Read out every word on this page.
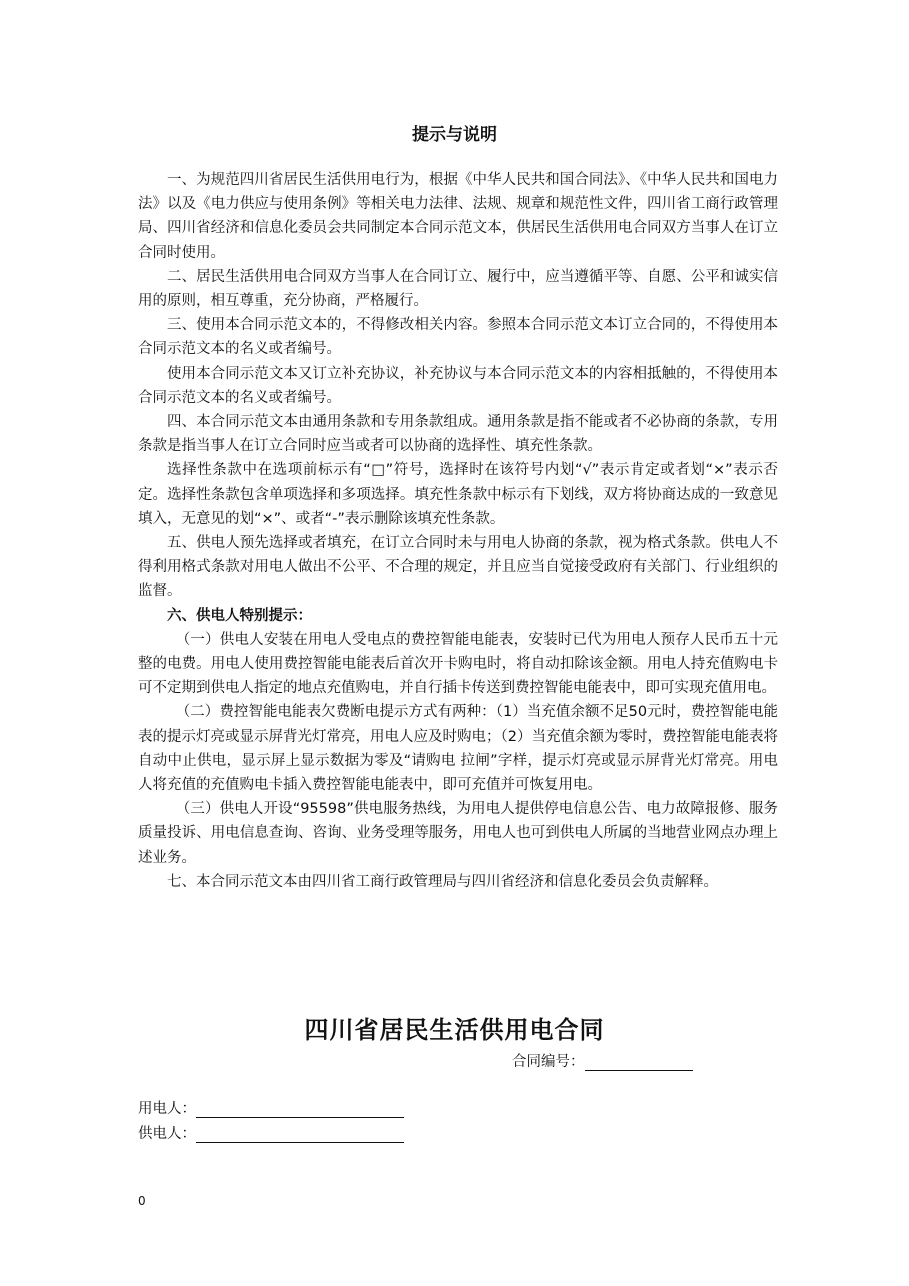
提示与说明

一、为规范四川省居民生活供用电行为，根据《中华人民共和国合同法》、《中华人民共和国电力法》以及《电力供应与使用条例》等相关电力法律、法规、规章和规范性文件，四川省工商行政管理局、四川省经济和信息化委员会共同制定本合同示范文本，供居民生活供用电合同双方当事人在订立合同时使用。

二、居民生活供用电合同双方当事人在合同订立、履行中，应当遵循平等、自愿、公平和诚实信用的原则，相互尊重，充分协商，严格履行。

三、使用本合同示范文本的，不得修改相关内容。参照本合同示范文本订立合同的，不得使用本合同示范文本的名义或者编号。

使用本合同示范文本又订立补充协议，补充协议与本合同示范文本的内容相抵触的，不得使用本合同示范文本的名义或者编号。

四、本合同示范文本由通用条款和专用条款组成。通用条款是指不能或者不必协商的条款，专用条款是指当事人在订立合同时应当或者可以协商的选择性、填充性条款。

选择性条款中在选项前标示有“□”符号，选择时在该符号内划“√”表示肯定或者划“×”表示否定。选择性条款包含单项选择和多项选择。填充性条款中标示有下划线，双方将协商达成的一致意见填入，无意见的划“×”、或者“-”表示删除该填充性条款。

五、供电人预先选择或者填充，在订立合同时未与用电人协商的条款，视为格式条款。供电人不得利用格式条款对用电人做出不公平、不合理的规定，并且应当自觉接受政府有关部门、行业组织的监督。

六、供电人特别提示：

（一）供电人安装在用电人受电点的费控智能电能表，安装时已代为用电人预存人民币五十元整的电费。用电人使用费控智能电能表后首次开卡购电时，将自动扣除该金额。用电人持充值购电卡可不定期到供电人指定的地点充值购电，并自行插卡传送到费控智能电能表中，即可实现充值用电。

（二）费控智能电能表欠费断电提示方式有两种：（1）当充值余额不足50元时，费控智能电能表的提示灯亮或显示屏背光灯常亮，用电人应及时购电；（2）当充值余额为零时，费控智能电能表将自动中止供电，显示屏上显示数据为零及“请购电 拉闸”字样，提示灯亮或显示屏背光灯常亮。用电人将充值的充值购电卡插入费控智能电能表中，即可充值并可恢复用电。

（三）供电人开设“95598”供电服务热线，为用电人提供停电信息公告、电力故障报修、服务质量投诉、用电信息查询、咨询、业务受理等服务，用电人也可到供电人所属的当地营业网点办理上述业务。

七、本合同示范文本由四川省工商行政管理局与四川省经济和信息化委员会负责解释。

四川省居民生活供用电合同
合同编号：
用电人：
供电人：
0
